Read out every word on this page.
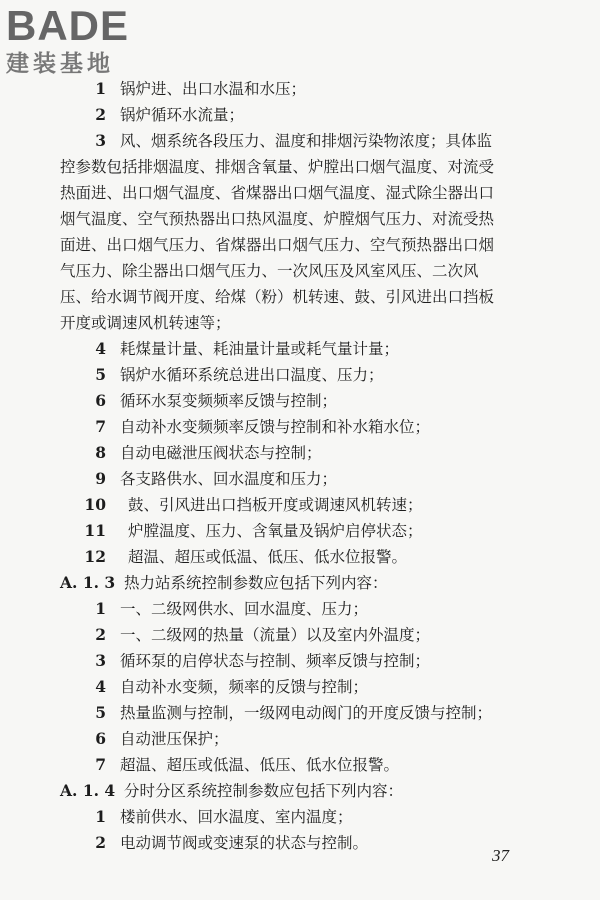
BADE
建装基地
1 锅炉进、出口水温和水压；
2 锅炉循环水流量；
3 风、烟系统各段压力、温度和排烟污染物浓度；具体监
控参数包括排烟温度、排烟含氧量、炉膛出口烟气温度、对流受
热面进、出口烟气温度、省煤器出口烟气温度、湿式除尘器出口
烟气温度、空气预热器出口热风温度、炉膛烟气压力、对流受热
面进、出口烟气压力、省煤器出口烟气压力、空气预热器出口烟
气压力、除尘器出口烟气压力、一次风压及风室风压、二次风
压、给水调节阀开度、给煤（粉）机转速、鼓、引风进出口挡板
开度或调速风机转速等；
4 耗煤量计量、耗油量计量或耗气量计量；
5 锅炉水循环系统总进出口温度、压力；
6 循环水泵变频频率反馈与控制；
7 自动补水变频频率反馈与控制和补水箱水位；
8 自动电磁泄压阀状态与控制；
9 各支路供水、回水温度和压力；
10 鼓、引风进出口挡板开度或调速风机转速；
11 炉膛温度、压力、含氧量及锅炉启停状态；
12 超温、超压或低温、低压、低水位报警。
A. 1. 3 热力站系统控制参数应包括下列内容：
1 一、二级网供水、回水温度、压力；
2 一、二级网的热量（流量）以及室内外温度；
3 循环泵的启停状态与控制、频率反馈与控制；
4 自动补水变频，频率的反馈与控制；
5 热量监测与控制，一级网电动阀门的开度反馈与控制；
6 自动泄压保护；
7 超温、超压或低温、低压、低水位报警。
A. 1. 4 分时分区系统控制参数应包括下列内容：
1 楼前供水、回水温度、室内温度；
2 电动调节阀或变速泵的状态与控制。
37
